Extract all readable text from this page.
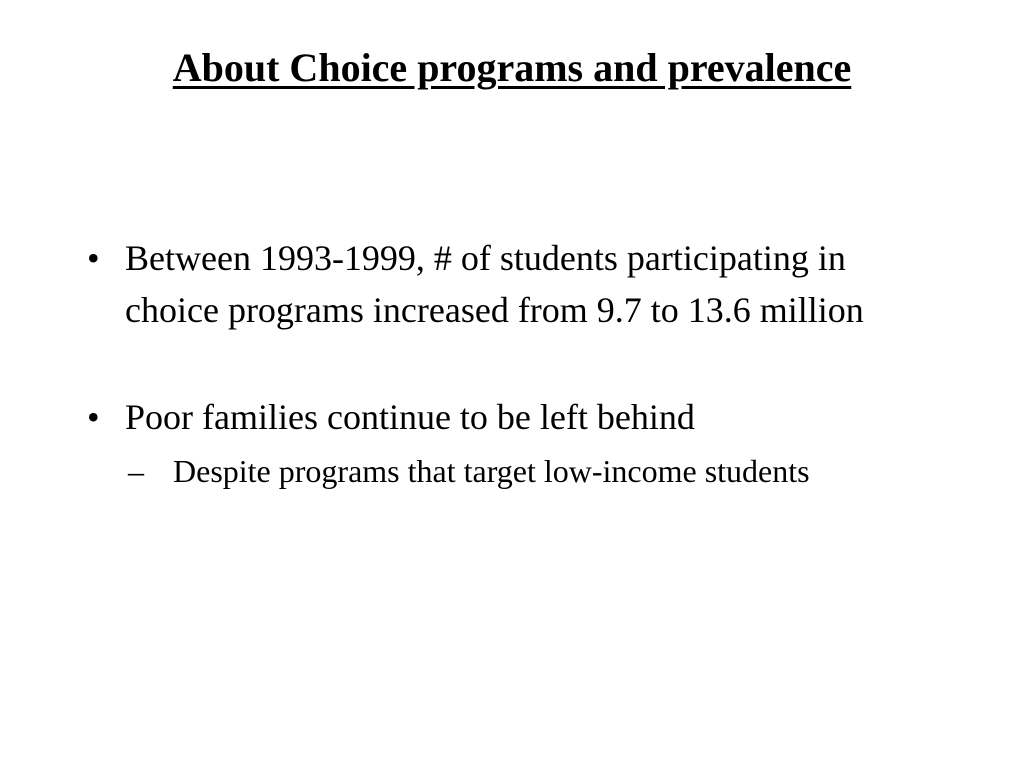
About Choice programs and prevalence
• Between 1993-1999, # of students participating in choice programs increased from 9.7 to 13.6 million
• Poor families continue to be left behind
– Despite programs that target low-income students
